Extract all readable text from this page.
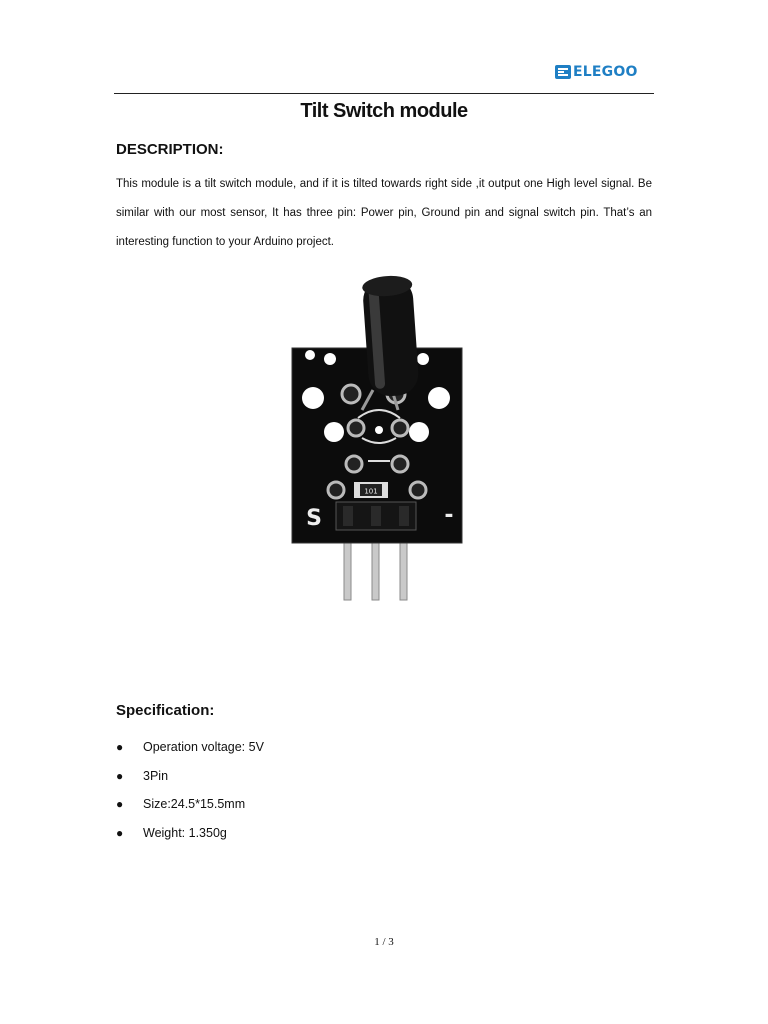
ELEGOO
Tilt Switch module
DESCRIPTION:
This module is a tilt switch module, and if it is tilted towards right side ,it output one High level signal. Be similar with our most sensor, It has three pin: Power pin, Ground pin and signal switch pin. That’s an interesting function to your Arduino project.
101
S	-
Specification:
●	Operation voltage: 5V
●	3Pin
●	Size:24.5*15.5mm
●	Weight: 1.350g
1 / 3
